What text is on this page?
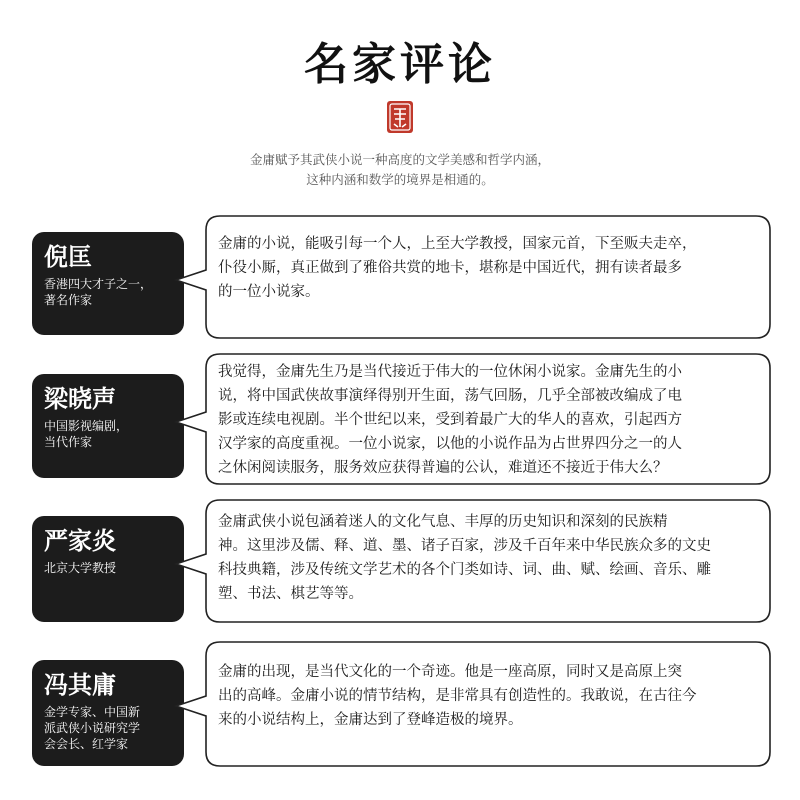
名家评论
金庸赋予其武侠小说一种高度的文学美感和哲学内涵，
这种内涵和数学的境界是相通的。
倪匡
香港四大才子之一，
著名作家
金庸的小说，能吸引每一个人，上至大学教授，国家元首，下至贩夫走卒，
仆役小厮，真正做到了雅俗共赏的地卡，堪称是中国近代，拥有读者最多
的一位小说家。
梁晓声
中国影视编剧，
当代作家
我觉得，金庸先生乃是当代接近于伟大的一位休闲小说家。金庸先生的小
说，将中国武侠故事演绎得别开生面，荡气回肠，几乎全部被改编成了电
影或连续电视剧。半个世纪以来，受到着最广大的华人的喜欢，引起西方
汉学家的高度重视。一位小说家，以他的小说作品为占世界四分之一的人
之休闲阅读服务，服务效应获得普遍的公认，难道还不接近于伟大么？
严家炎
北京大学教授
金庸武侠小说包涵着迷人的文化气息、丰厚的历史知识和深刻的民族精
神。这里涉及儒、释、道、墨、诸子百家，涉及千百年来中华民族众多的文史
科技典籍，涉及传统文学艺术的各个门类如诗、词、曲、赋、绘画、音乐、雕
塑、书法、棋艺等等。
冯其庸
金学专家、中国新
派武侠小说研究学
会会长、红学家
金庸的出现，是当代文化的一个奇迹。他是一座高原，同时又是高原上突
出的高峰。金庸小说的情节结构，是非常具有创造性的。我敢说，在古往今
来的小说结构上，金庸达到了登峰造极的境界。
